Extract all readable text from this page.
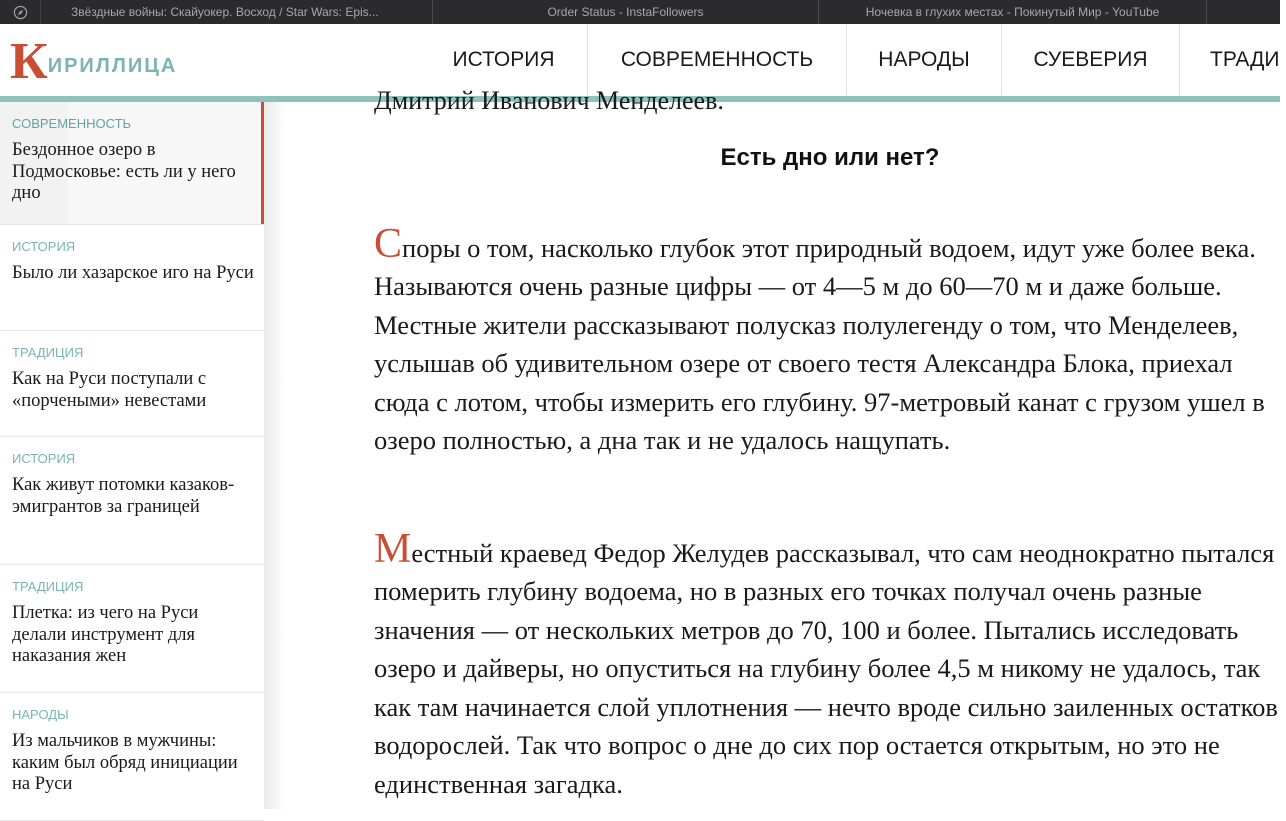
Звёздные войны: Скайуокер. Восход / Star Wars: Epis...	Order Status - InstaFollowers	Ночевка в глухих местах - Покинутый Мир - YouTube
К ИРИЛЛИЦА	ИСТОРИЯ	СОВРЕМЕННОСТЬ	НАРОДЫ	СУЕВЕРИЯ	ТРАДИ
СОВРЕМЕННОСТЬ
Бездонное озеро в Подмосковье: есть ли у него дно
ИСТОРИЯ
Было ли хазарское иго на Руси
ТРАДИЦИЯ
Как на Руси поступали с «порчеными» невестами
ИСТОРИЯ
Как живут потомки казаков-эмигрантов за границей
ТРАДИЦИЯ
Плетка: из чего на Руси делали инструмент для наказания жен
НАРОДЫ
Из мальчиков в мужчины: каким был обряд инициации на Руси
Дмитрий Иванович Менделеев.
Есть дно или нет?

Споры о том, насколько глубок этот природный водоем, идут уже более века. Называются очень разные цифры — от 4—5 м до 60—70 м и даже больше. Местные жители рассказывают полусказ полулегенду о том, что Менделеев, услышав об удивительном озере от своего тестя Александра Блока, приехал сюда с лотом, чтобы измерить его глубину. 97-метровый канат с грузом ушел в озеро полностью, а дна так и не удалось нащупать.

Местный краевед Федор Желудев рассказывал, что сам неоднократно пытался померить глубину водоема, но в разных его точках получал очень разные значения — от нескольких метров до 70, 100 и более. Пытались исследовать озеро и дайверы, но опуститься на глубину более 4,5 м никому не удалось, так как там начинается слой уплотнения — нечто вроде сильно заиленных остатков водорослей. Так что вопрос о дне до сих пор остается открытым, но это не единственная загадка.
